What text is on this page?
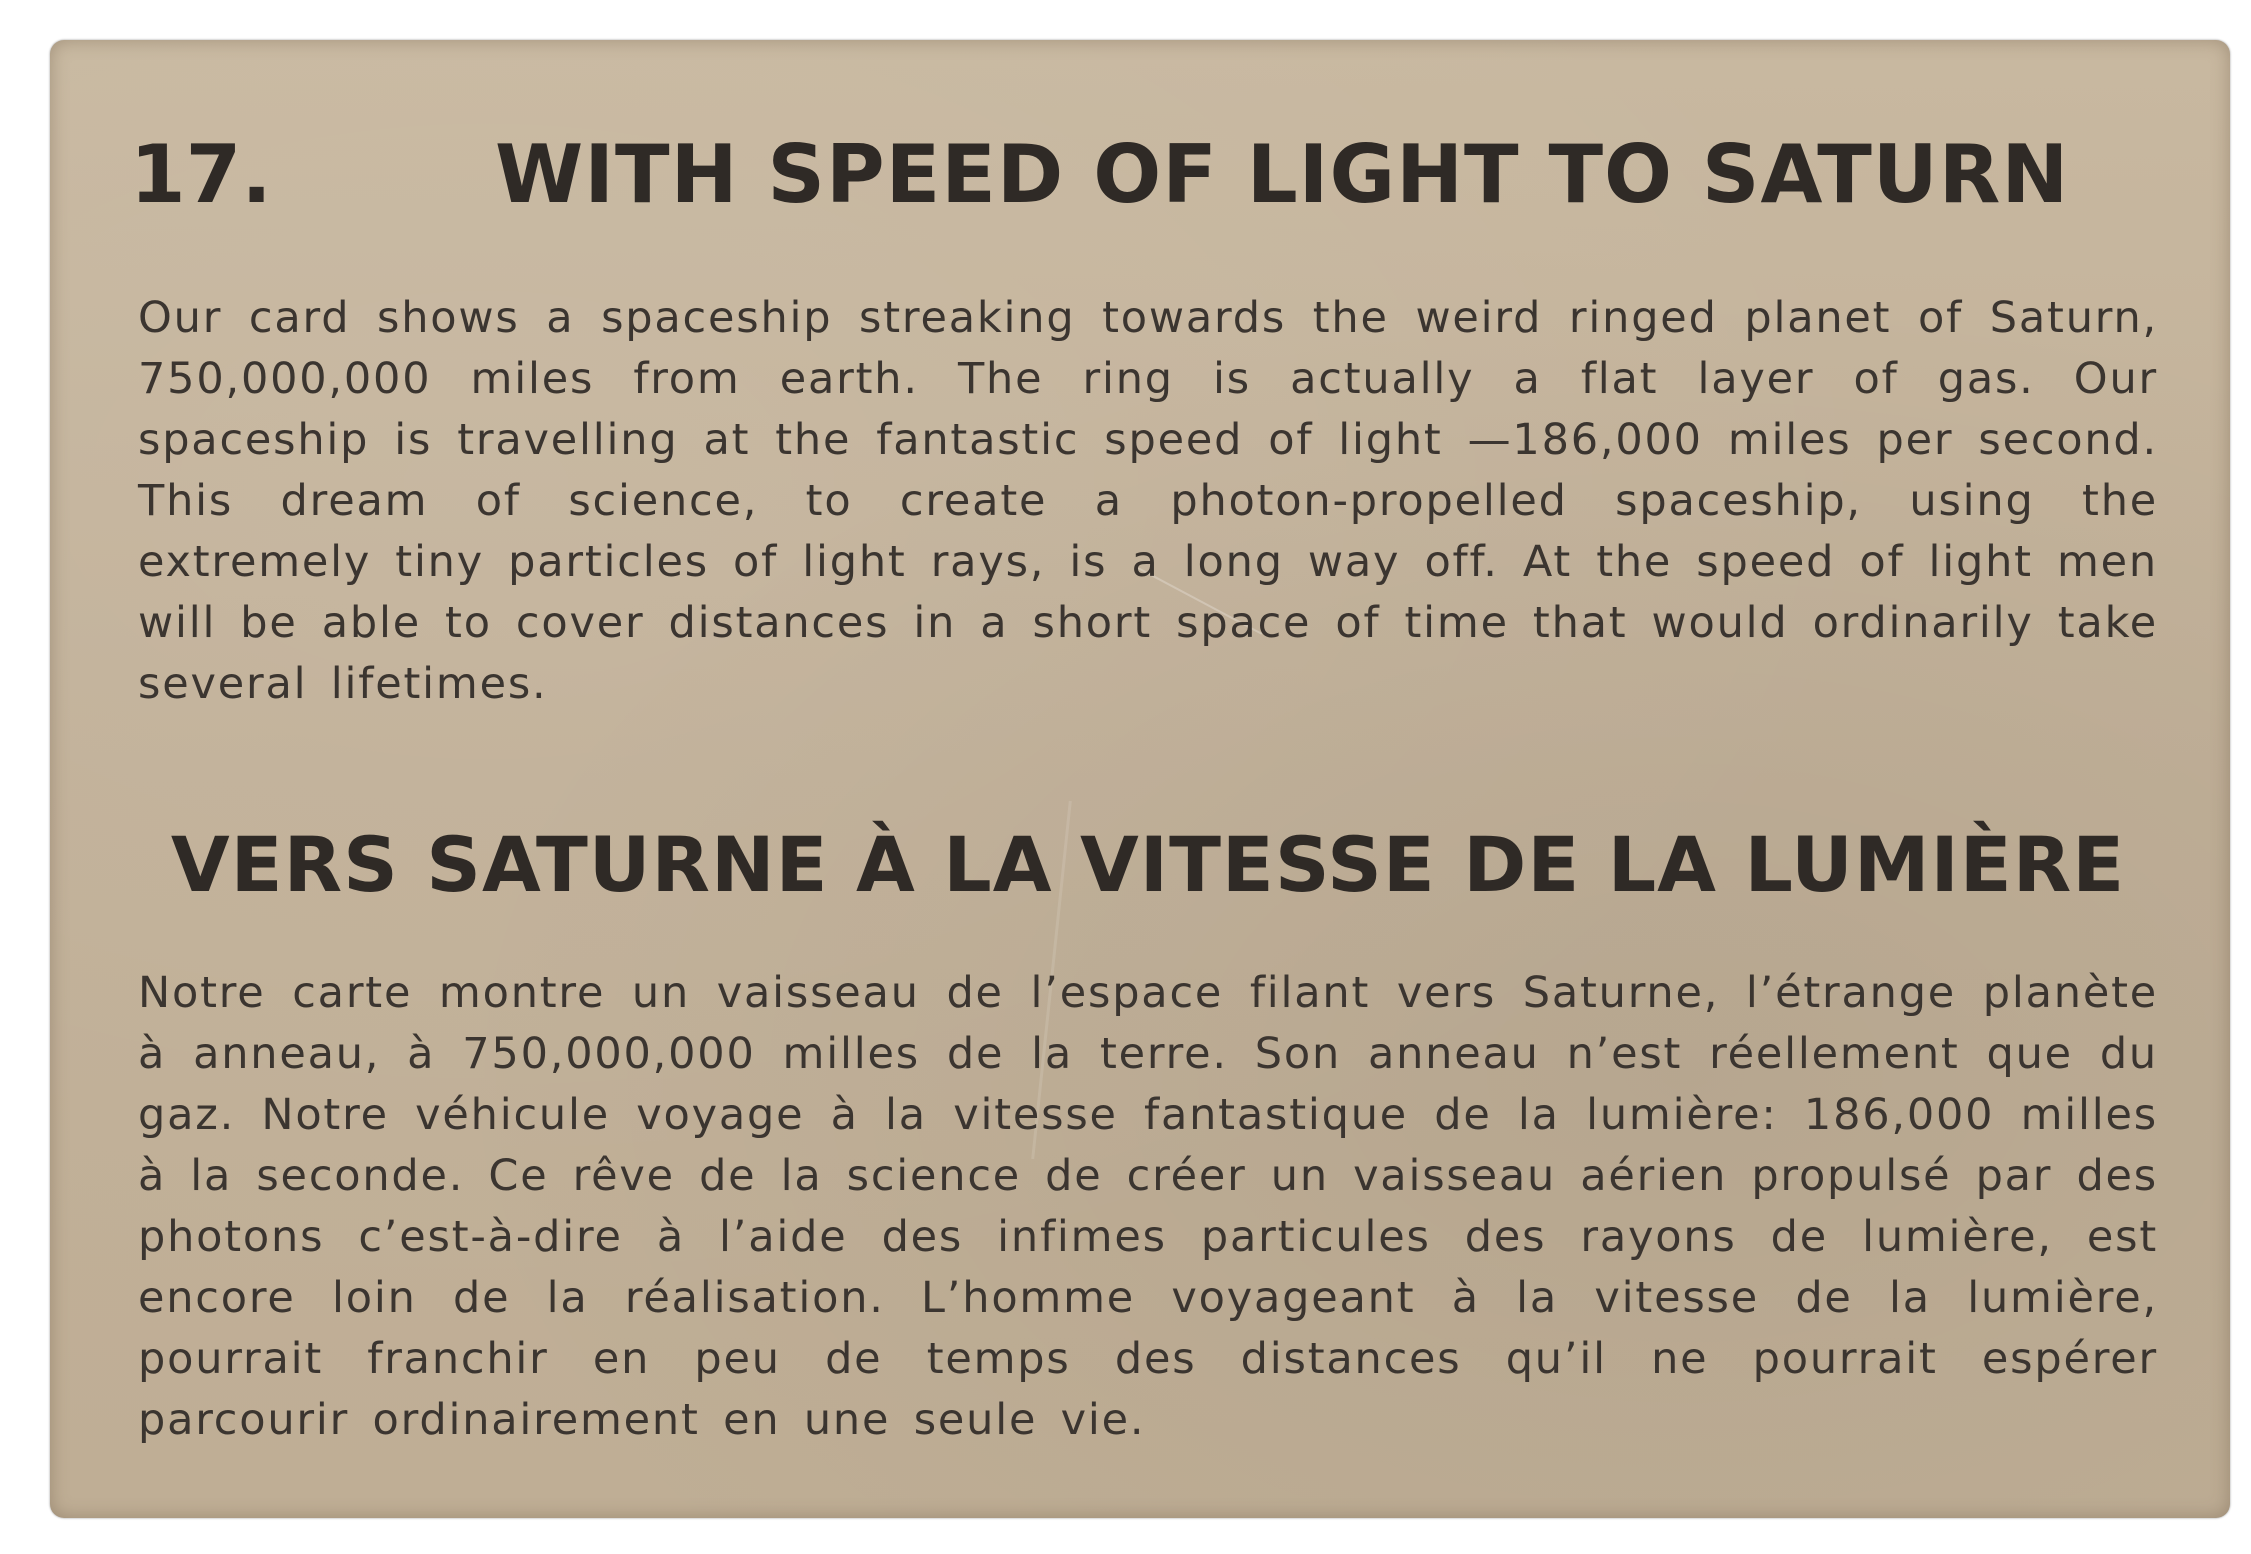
17.	WITH SPEED OF LIGHT TO SATURN

Our card shows a spaceship streaking towards the weird ringed planet of Saturn, 750,000,000 miles from earth. The ring is actually a flat layer of gas. Our spaceship is travelling at the fantastic speed of light —186,000 miles per second. This dream of science, to create a photon-propelled spaceship, using the extremely tiny particles of light rays, is a long way off. At the speed of light men will be able to cover distances in a short space of time that would ordinarily take several lifetimes.

VERS SATURNE À LA VITESSE DE LA LUMIÈRE

Notre carte montre un vaisseau de l’espace filant vers Saturne, l’étrange planète à anneau, à 750,000,000 milles de la terre. Son anneau n’est réellement que du gaz. Notre véhicule voyage à la vitesse fantastique de la lumière: 186,000 milles à la seconde. Ce rêve de la science de créer un vaisseau aérien propulsé par des photons c’est-à-dire à l’aide des infimes particules des rayons de lumière, est encore loin de la réalisation. L’homme voyageant à la vitesse de la lumière, pourrait franchir en peu de temps des distances qu’il ne pourrait espérer parcourir ordinairement en une seule vie.
